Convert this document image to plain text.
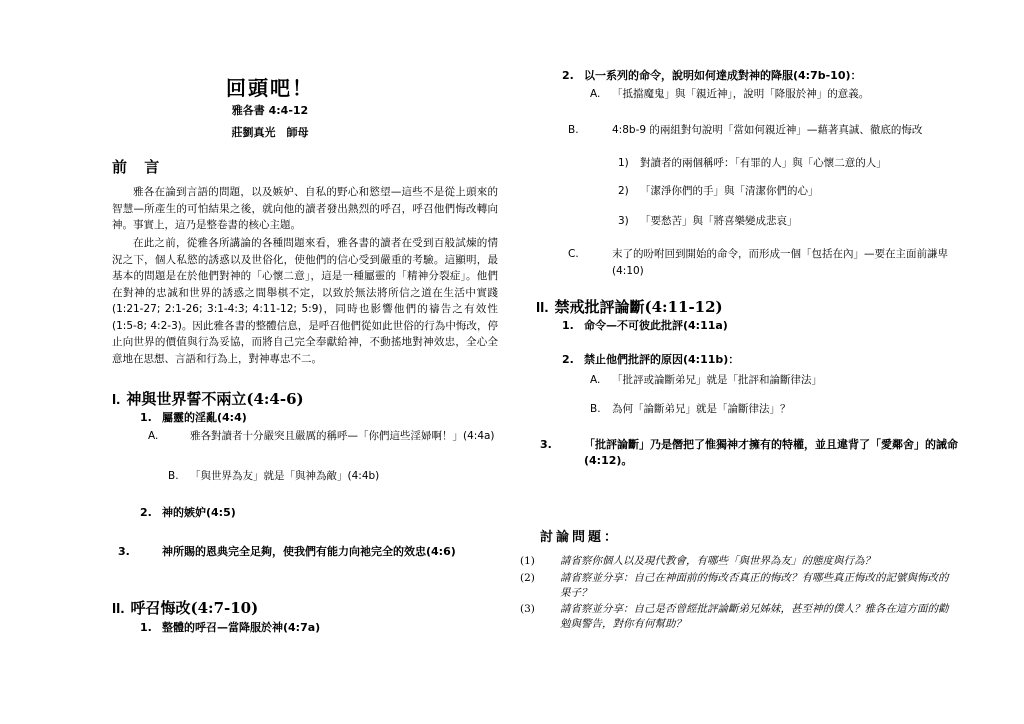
回頭吧！
雅各書 4:4-12
莊劉真光　師母
前 言
雅各在論到言語的問題，以及嫉妒、自私的野心和慾望—這些不是從上頭來的智慧—所產生的可怕結果之後，就向他的讀者發出熱烈的呼召，呼召他們悔改轉向神。事實上，這乃是整卷書的核心主題。
在此之前，從雅各所講論的各種問題來看，雅各書的讀者在受到百般試煉的情況之下，個人私慾的誘惑以及世俗化，使他們的信心受到嚴重的考驗。這顯明，最基本的問題是在於他們對神的「心懷二意」，這是一種屬靈的「精神分裂症」。他們在對神的忠誠和世界的誘惑之間舉棋不定，以致於無法將所信之道在生活中實踐(1:21-27; 2:1-26; 3:1-4:3; 4:11-12; 5:9)，同時也影響他們的禱告之有效性(1:5-8; 4:2-3)。因此雅各書的整體信息，是呼召他們從如此世俗的行為中悔改，停止向世界的價值與行為妥協，而將自己完全奉獻給神，不動搖地對神效忠，全心全意地在思想、言語和行為上，對神專忠不二。
I. 神與世界誓不兩立(4:4-6)
1. 屬靈的淫亂(4:4)
A.	雅各對讀者十分嚴突且嚴厲的稱呼—「你們這些淫婦啊！」(4:4a)
B. 「與世界為友」就是「與神為敵」(4:4b)
2. 神的嫉妒(4:5)
3.	神所賜的恩典完全足夠，使我們有能力向祂完全的效忠(4:6)
II. 呼召悔改(4:7-10)
1. 整體的呼召—當降服於神(4:7a)
2. 以一系列的命令，說明如何達成對神的降服(4:7b-10)：
A. 「抵擋魔鬼」與「親近神」，說明「降服於神」的意義。
B.	4:8b-9 的兩組對句說明「當如何親近神」—藉著真誠、徹底的悔改
1) 對讀者的兩個稱呼：「有罪的人」與「心懷二意的人」
2) 「潔淨你們的手」與「清潔你們的心」
3) 「要愁苦」與「將喜樂變成悲哀」
C.	末了的吩咐回到開始的命令，而形成一個「包括在內」—要在主面前謙卑(4:10)
II. 禁戒批評論斷(4:11-12)
1. 命令—不可彼此批評(4:11a)
2. 禁止他們批評的原因(4:11b)：
A. 「批評或論斷弟兄」就是「批評和論斷律法」
B. 為何「論斷弟兄」就是「論斷律法」？
3.	「批評論斷」乃是僭把了惟獨神才擁有的特權，並且違背了「愛鄰舍」的誡命(4:12)。
討論問題：
(1) 請省察你個人以及現代教會，有哪些「與世界為友」的態度與行為？
(2) 請省察並分享：自己在神面前的悔改否真正的悔改？有哪些真正悔改的記號與悔改的果子？
(3) 請省察並分享：自己是否曾經批評論斷弟兄姊妹，甚至神的僕人？雅各在這方面的勸勉與警告，對你有何幫助？
